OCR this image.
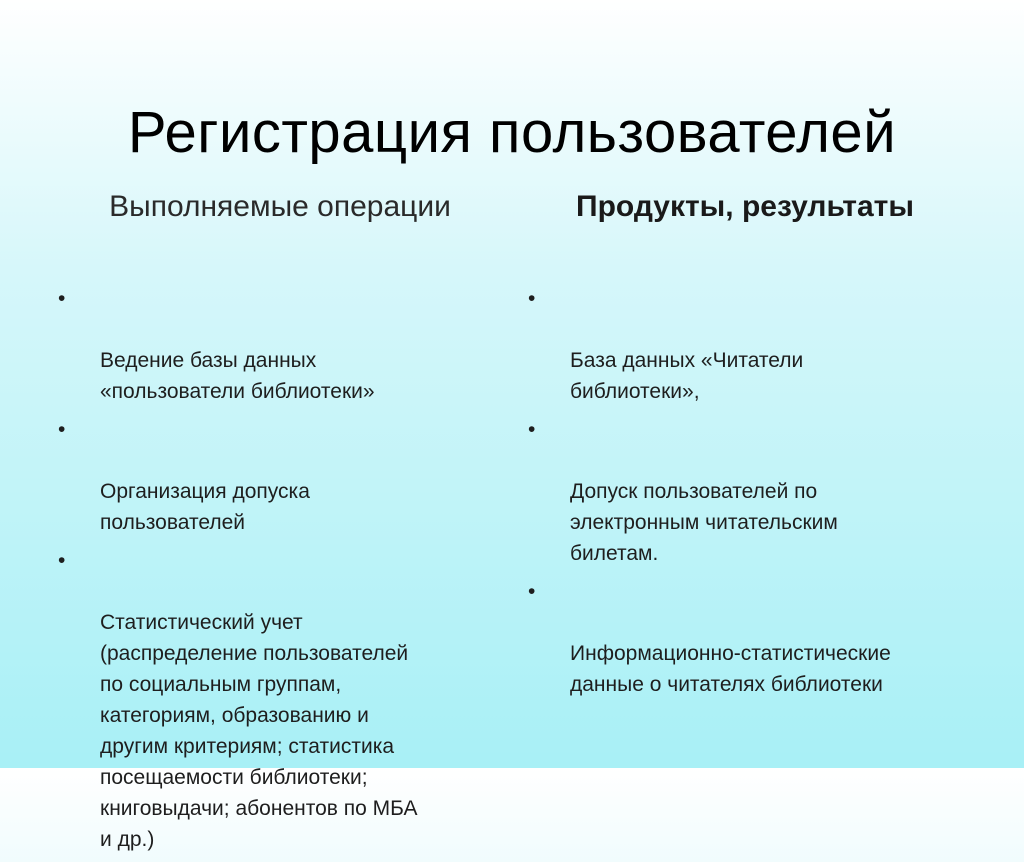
Регистрация пользователей
Выполняемые операции	Продукты, результаты

•

Ведение базы данных
«пользователи библиотеки»

•

Организация допуска
пользователей

•

Статистический учет
(распределение пользователей
по социальным группам,
категориям, образованию и
другим критериям; статистика
посещаемости библиотеки;
книговыдачи; абонентов по МБА
и др.)

•

База данных «Читатели
библиотеки»,

•

Допуск пользователей по
электронным читательским
билетам.

•

Информационно-статистические
данные о читателях библиотеки
